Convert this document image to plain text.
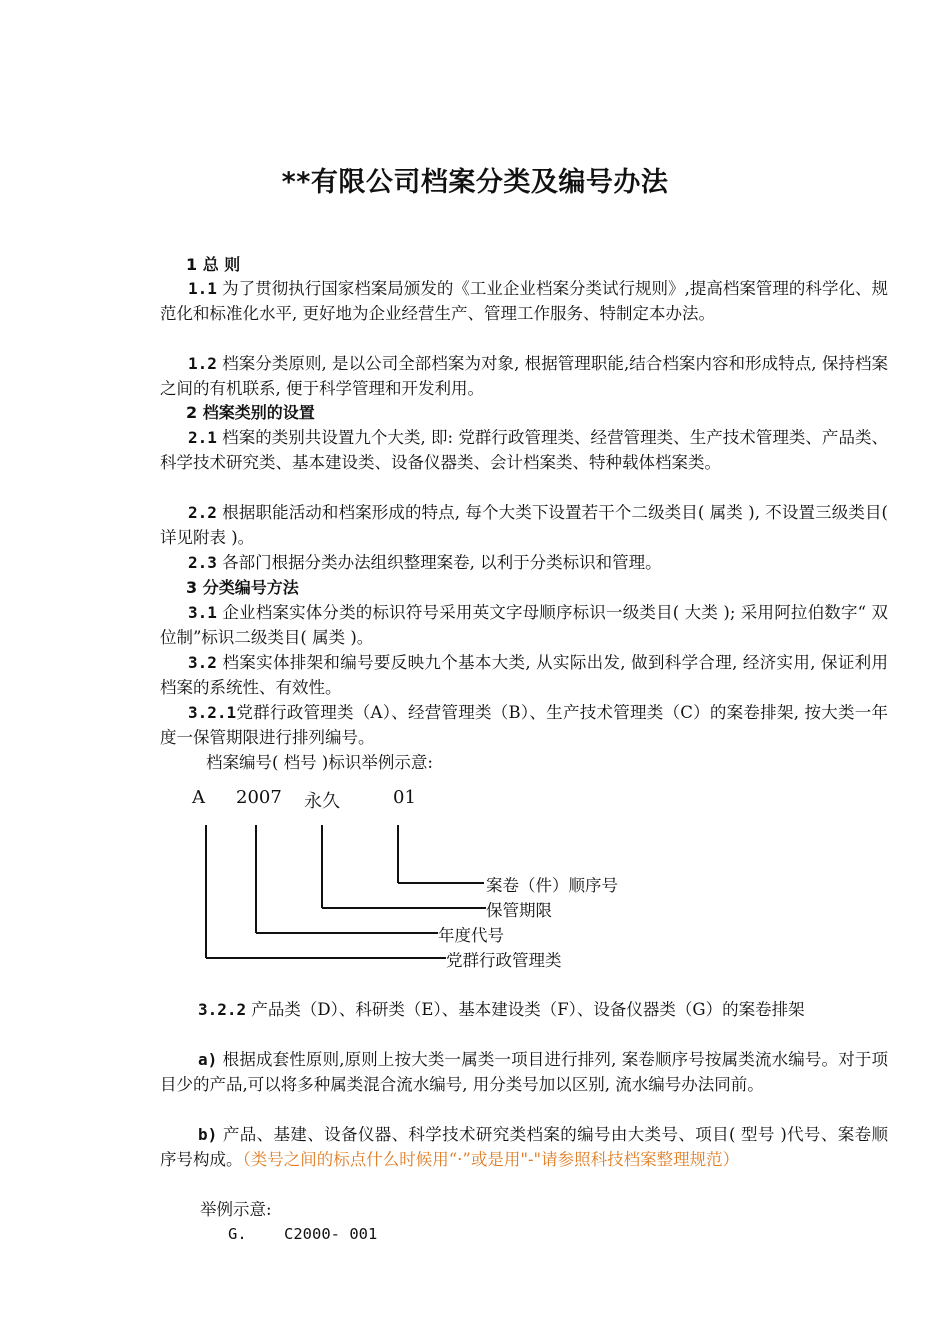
**有限公司档案分类及编号办法

1 总 则

1.1 为了贯彻执行国家档案局颁发的《工业企业档案分类试行规则》,提高档案管理的科学化、规范化和标准化水平, 更好地为企业经营生产、管理工作服务、特制定本办法。

1.2 档案分类原则, 是以公司全部档案为对象, 根据管理职能,结合档案内容和形成特点, 保持档案之间的有机联系, 便于科学管理和开发利用。

2 档案类别的设置

2.1 档案的类别共设置九个大类, 即: 党群行政管理类、经营管理类、生产技术管理类、产品类、科学技术研究类、基本建设类、设备仪器类、会计档案类、特种载体档案类。

2.2 根据职能活动和档案形成的特点, 每个大类下设置若干个二级类目( 属类 ), 不设置三级类目( 详见附表 )。

2.3 各部门根据分类办法组织整理案卷, 以利于分类标识和管理。

3 分类编号方法

3.1 企业档案实体分类的标识符号采用英文字母顺序标识一级类目( 大类 ); 采用阿拉伯数字“ 双位制”标识二级类目( 属类 )。

3.2 档案实体排架和编号要反映九个基本大类, 从实际出发, 做到科学合理, 经济实用, 保证利用档案的系统性、有效性。

3.2.1党群行政管理类（A）、经营管理类（B）、生产技术管理类（C）的案卷排架, 按大类一年度一保管期限进行排列编号。

档案编号( 档号 )标识举例示意:

A 2007 永久	01
案卷（件）顺序号
保管期限
年度代号
党群行政管理类

3.2.2 产品类（D）、科研类（E）、基本建设类（F）、设备仪器类（G）的案卷排架

a) 根据成套性原则,原则上按大类一属类一项目进行排列, 案卷顺序号按属类流水编号。对于项目少的产品,可以将多种属类混合流水编号, 用分类号加以区别, 流水编号办法同前。

b) 产品、基建、设备仪器、科学技术研究类档案的编号由大类号、项目( 型号 )代号、案卷顺序号构成。（类号之间的标点什么时候用“·”或是用"-"请参照科技档案整理规范）

举例示意:

G.    C2000- 001
